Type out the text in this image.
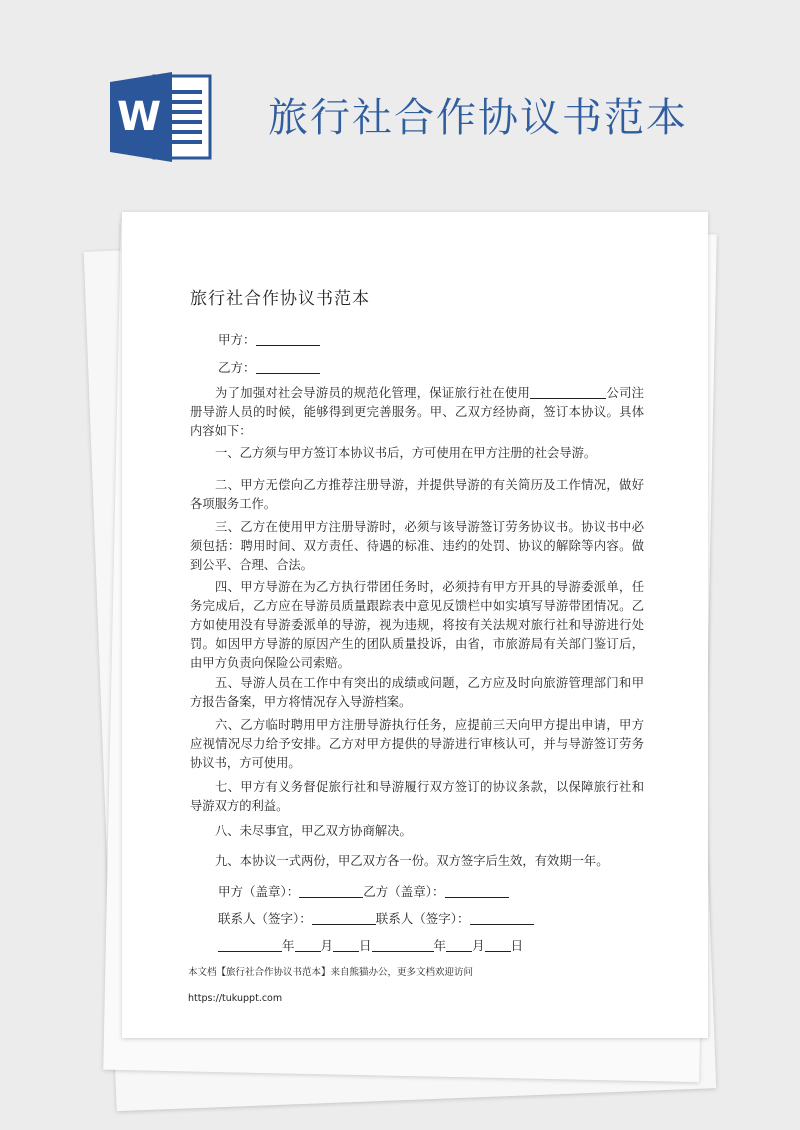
W	旅行社合作协议书范本
旅行社合作协议书范本
甲方：
乙方：

为了加强对社会导游员的规范化管理，保证旅行社在使用	公司注册导游人员的时候，能够得到更完善服务。甲、乙双方经协商，签订本协议。具体内容如下：

一、乙方须与甲方签订本协议书后，方可使用在甲方注册的社会导游。

二、甲方无偿向乙方推荐注册导游，并提供导游的有关简历及工作情况，做好各项服务工作。

三、乙方在使用甲方注册导游时，必须与该导游签订劳务协议书。协议书中必须包括：聘用时间、双方责任、待遇的标准、违约的处罚、协议的解除等内容。做到公平、合理、合法。

四、甲方导游在为乙方执行带团任务时，必须持有甲方开具的导游委派单，任务完成后，乙方应在导游员质量跟踪表中意见反馈栏中如实填写导游带团情况。乙方如使用没有导游委派单的导游，视为违规，将按有关法规对旅行社和导游进行处罚。如因甲方导游的原因产生的团队质量投诉，由省，市旅游局有关部门鉴订后，由甲方负责向保险公司索赔。

五、导游人员在工作中有突出的成绩或问题，乙方应及时向旅游管理部门和甲方报告备案，甲方将情况存入导游档案。

六、乙方临时聘用甲方注册导游执行任务，应提前三天向甲方提出申请，甲方应视情况尽力给予安排。乙方对甲方提供的导游进行审核认可，并与导游签订劳务协议书，方可使用。

七、甲方有义务督促旅行社和导游履行双方签订的协议条款，以保障旅行社和导游双方的利益。

八、未尽事宜，甲乙双方协商解决。

九、本协议一式两份，甲乙双方各一份。双方签字后生效，有效期一年。

甲方（盖章）：	乙方（盖章）：
联系人（签字）：	联系人（签字）：
年 月 日	年 月 日
本文档【旅行社合作协议书范本】来自熊猫办公，更多文档欢迎访问
https://tukuppt.com
